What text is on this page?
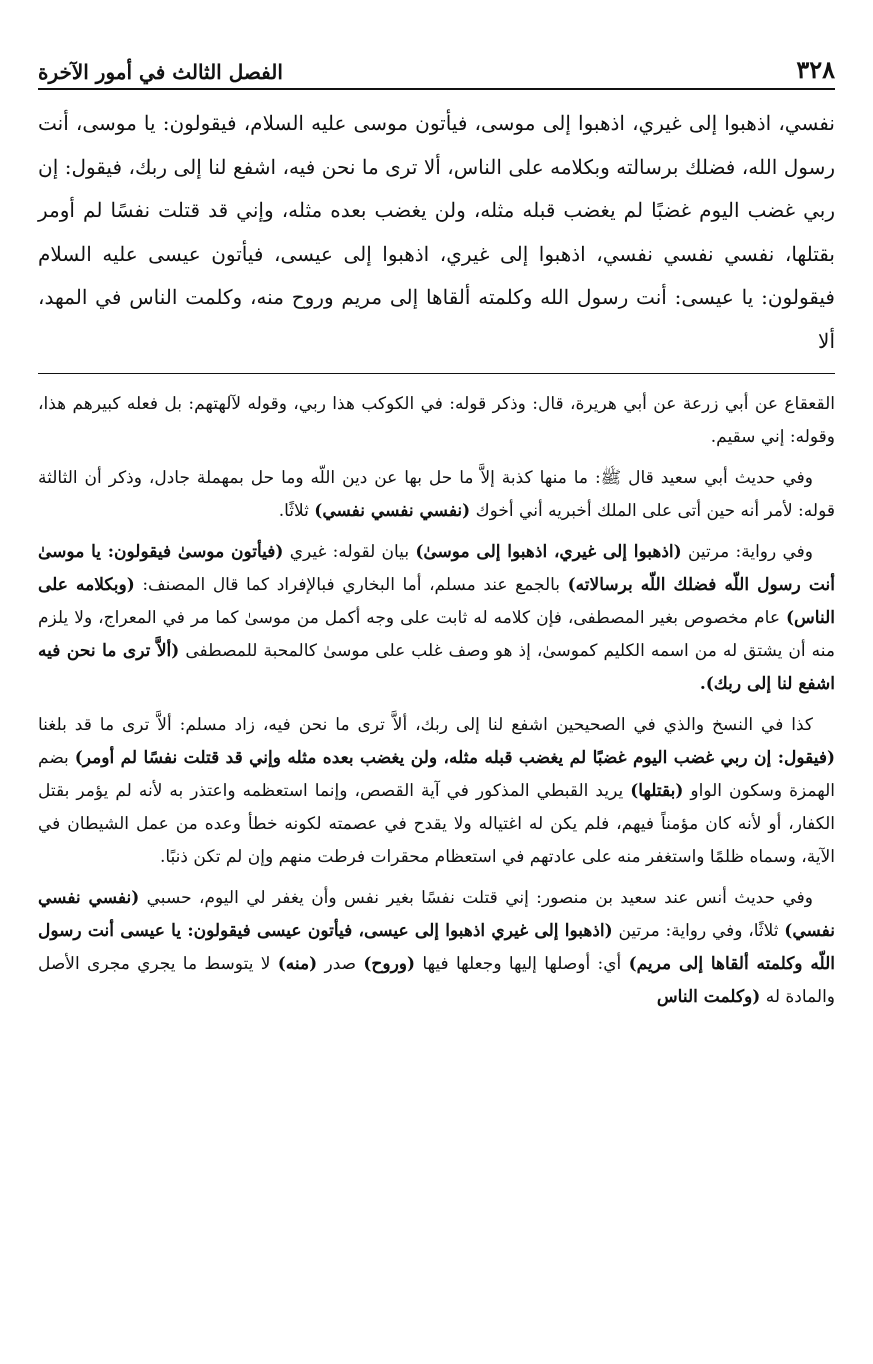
٣٢٨
الفصل الثالث في أمور الآخرة

نفسي، اذهبوا إلى غيري، اذهبوا إلى موسى، فيأتون موسى عليه السلام، فيقولون: يا موسى، أنت رسول الله، فضلك برسالته وبكلامه على الناس، ألا ترى ما نحن فيه، اشفع لنا إلى ربك، فيقول: إن ربي غضب اليوم غضبًا لم يغضب قبله مثله، ولن يغضب بعده مثله، وإني قد قتلت نفسًا لم أومر بقتلها، نفسي نفسي نفسي، اذهبوا إلى غيري، اذهبوا إلى عيسى، فيأتون عيسى عليه السلام فيقولون: يا عيسى: أنت رسول الله وكلمته ألقاها إلى مريم وروح منه، وكلمت الناس في المهد، ألا

القعقاع عن أبي زرعة عن أبي هريرة، قال: وذكر قوله: في الكوكب هذا ربي، وقوله لآلهتهم: بل فعله كبيرهم هذا، وقوله: إني سقيم.

وفي حديث أبي سعيد قال ﷺ: ما منها كذبة إلاَّ ما حل بها عن دين اللّه وما حل بمهملة جادل، وذكر أن الثالثة قوله: لأمر أنه حين أتى على الملك أخبريه أني أخوك (نفسي نفسي نفسي) ثلاثًا.

وفي رواية: مرتين (اذهبوا إلى غيري، اذهبوا إلى موسىٰ) بيان لقوله: غيري (فيأتون موسىٰ فيقولون: يا موسىٰ أنت رسول اللّه فضلك اللّه برسالاته) بالجمع عند مسلم، أما البخاري فبالإفراد كما قال المصنف: (وبكلامه على الناس) عام مخصوص بغير المصطفى، فإن كلامه له ثابت على وجه أكمل من موسىٰ كما مر في المعراج، ولا يلزم منه أن يشتق له من اسمه الكليم كموسىٰ، إذ هو وصف غلب على موسىٰ كالمحبة للمصطفى (ألاَّ ترى ما نحن فيه اشفع لنا إلى ربك).

كذا في النسخ والذي في الصحيحين اشفع لنا إلى ربك، ألاَّ ترى ما نحن فيه، زاد مسلم: ألاَّ ترى ما قد بلغنا (فيقول: إن ربي غضب اليوم غضبًا لم يغضب قبله مثله، ولن يغضب بعده مثله وإني قد قتلت نفسًا لم أومر) بضم الهمزة وسكون الواو (بقتلها) يريد القبطي المذكور في آية القصص، وإنما استعظمه واعتذر به لأنه لم يؤمر بقتل الكفار، أو لأنه كان مؤمناً فيهم، فلم يكن له اغتياله ولا يقدح في عصمته لكونه خطأ وعده من عمل الشيطان في الآية، وسماه ظلمًا واستغفر منه على عادتهم في استعظام محقرات فرطت منهم وإن لم تكن ذنبًا.

وفي حديث أنس عند سعيد بن منصور: إني قتلت نفسًا بغير نفس وأن يغفر لي اليوم، حسبي (نفسي نفسي نفسي) ثلاثًا، وفي رواية: مرتين (اذهبوا إلى غيري اذهبوا إلى عيسى، فيأتون عيسى فيقولون: يا عيسى أنت رسول اللّه وكلمته ألقاها إلى مريم) أي: أوصلها إليها وجعلها فيها (وروح) صدر (منه) لا يتوسط ما يجري مجرى الأصل والمادة له (وكلمت الناس
